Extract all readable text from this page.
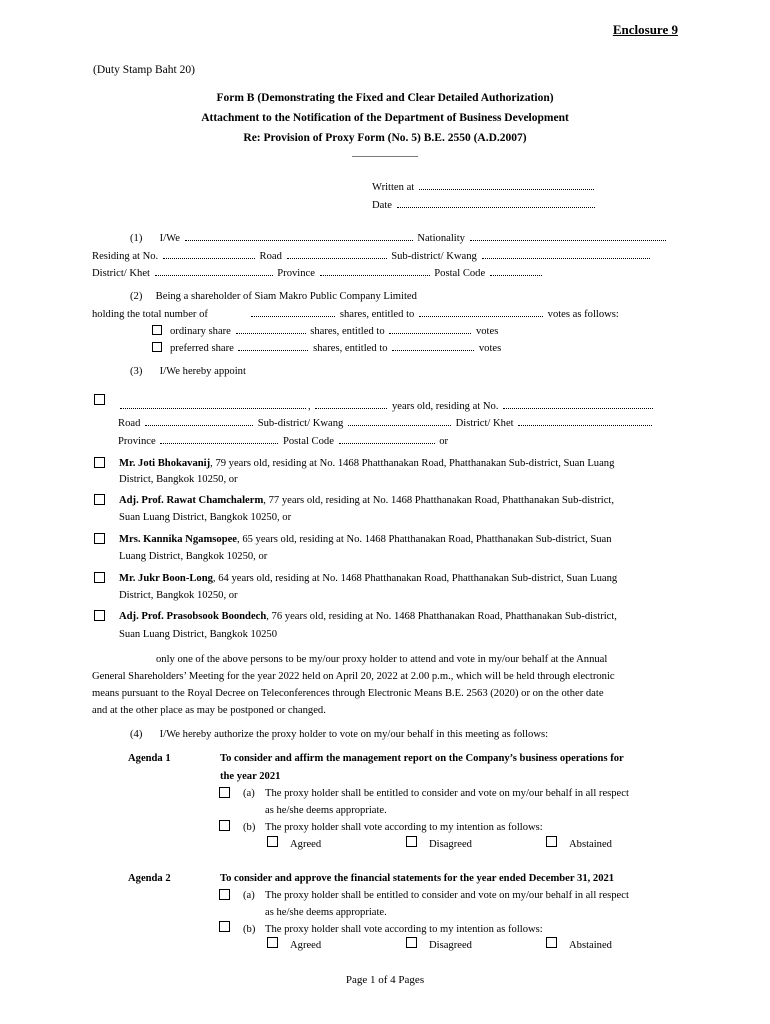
Enclosure 9
(Duty Stamp Baht 20)
Form B (Demonstrating the Fixed and Clear Detailed Authorization)
Attachment to the Notification of the Department of Business Development
Re: Provision of Proxy Form (No. 5) B.E. 2550 (A.D.2007)
——————
Written at
Date
(1) I/We	Nationality
Residing at No.	Road	Sub-district/ Kwang
District/ Khet	Province	Postal Code
(2) Being a shareholder of Siam Makro Public Company Limited
holding the total number of	shares, entitled to	votes as follows:
ordinary share	shares, entitled to	votes
preferred share	shares, entitled to	votes
(3) I/We hereby appoint
,	years old, residing at No.
Road	Sub-district/ Kwang	District/ Khet
Province	Postal Code	or
Mr. Joti Bhokavanij, 79 years old, residing at No. 1468 Phatthanakan Road, Phatthanakan Sub-district, Suan Luang
District, Bangkok 10250, or
Adj. Prof. Rawat Chamchalerm, 77 years old, residing at No. 1468 Phatthanakan Road, Phatthanakan Sub-district,
Suan Luang District, Bangkok 10250, or
Mrs. Kannika Ngamsopee, 65 years old, residing at No. 1468 Phatthanakan Road, Phatthanakan Sub-district, Suan
Luang District, Bangkok 10250, or
Mr. Jukr Boon-Long, 64 years old, residing at No. 1468 Phatthanakan Road, Phatthanakan Sub-district, Suan Luang
District, Bangkok 10250, or
Adj. Prof. Prasobsook Boondech, 76 years old, residing at No. 1468 Phatthanakan Road, Phatthanakan Sub-district,
Suan Luang District, Bangkok 10250
only one of the above persons to be my/our proxy holder to attend and vote in my/our behalf at the Annual
General Shareholders’ Meeting for the year 2022 held on April 20, 2022 at 2.00 p.m., which will be held through electronic
means pursuant to the Royal Decree on Teleconferences through Electronic Means B.E. 2563 (2020) or on the other date
and at the other place as may be postponed or changed.
(4) I/We hereby authorize the proxy holder to vote on my/our behalf in this meeting as follows:
Agenda 1	To consider and affirm the management report on the Company’s business operations for
the year 2021
(a) The proxy holder shall be entitled to consider and vote on my/our behalf in all respect
as he/she deems appropriate.
(b) The proxy holder shall vote according to my intention as follows:
Agreed	Disagreed	Abstained
Agenda 2	To consider and approve the financial statements for the year ended December 31, 2021
(a) The proxy holder shall be entitled to consider and vote on my/our behalf in all respect
as he/she deems appropriate.
(b) The proxy holder shall vote according to my intention as follows:
Agreed	Disagreed	Abstained
Page 1 of 4 Pages
